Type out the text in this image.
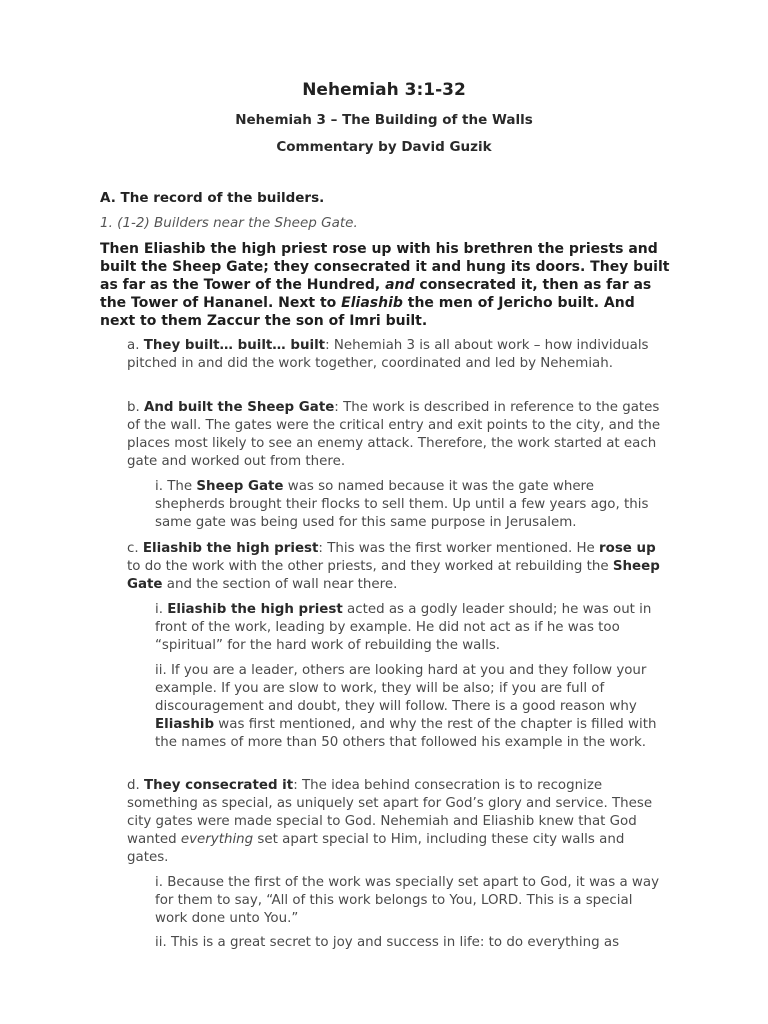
Nehemiah 3:1-32
Nehemiah 3 – The Building of the Walls
Commentary by David Guzik
A. The record of the builders.
1. (1-2) Builders near the Sheep Gate.
Then Eliashib the high priest rose up with his brethren the priests and built the Sheep Gate; they consecrated it and hung its doors. They built as far as the Tower of the Hundred, and consecrated it, then as far as the Tower of Hananel. Next to Eliashib the men of Jericho built. And next to them Zaccur the son of Imri built.
a. They built… built… built: Nehemiah 3 is all about work – how individuals pitched in and did the work together, coordinated and led by Nehemiah.
b. And built the Sheep Gate: The work is described in reference to the gates of the wall. The gates were the critical entry and exit points to the city, and the places most likely to see an enemy attack. Therefore, the work started at each gate and worked out from there.
i. The Sheep Gate was so named because it was the gate where shepherds brought their flocks to sell them. Up until a few years ago, this same gate was being used for this same purpose in Jerusalem.
c. Eliashib the high priest: This was the first worker mentioned. He rose up to do the work with the other priests, and they worked at rebuilding the Sheep Gate and the section of wall near there.
i. Eliashib the high priest acted as a godly leader should; he was out in front of the work, leading by example. He did not act as if he was too “spiritual” for the hard work of rebuilding the walls.
ii. If you are a leader, others are looking hard at you and they follow your example. If you are slow to work, they will be also; if you are full of discouragement and doubt, they will follow. There is a good reason why Eliashib was first mentioned, and why the rest of the chapter is filled with the names of more than 50 others that followed his example in the work.
d. They consecrated it: The idea behind consecration is to recognize something as special, as uniquely set apart for God’s glory and service. These city gates were made special to God. Nehemiah and Eliashib knew that God wanted everything set apart special to Him, including these city walls and gates.
i. Because the first of the work was specially set apart to God, it was a way for them to say, “All of this work belongs to You, LORD. This is a special work done unto You.”
ii. This is a great secret to joy and success in life: to do everything as
